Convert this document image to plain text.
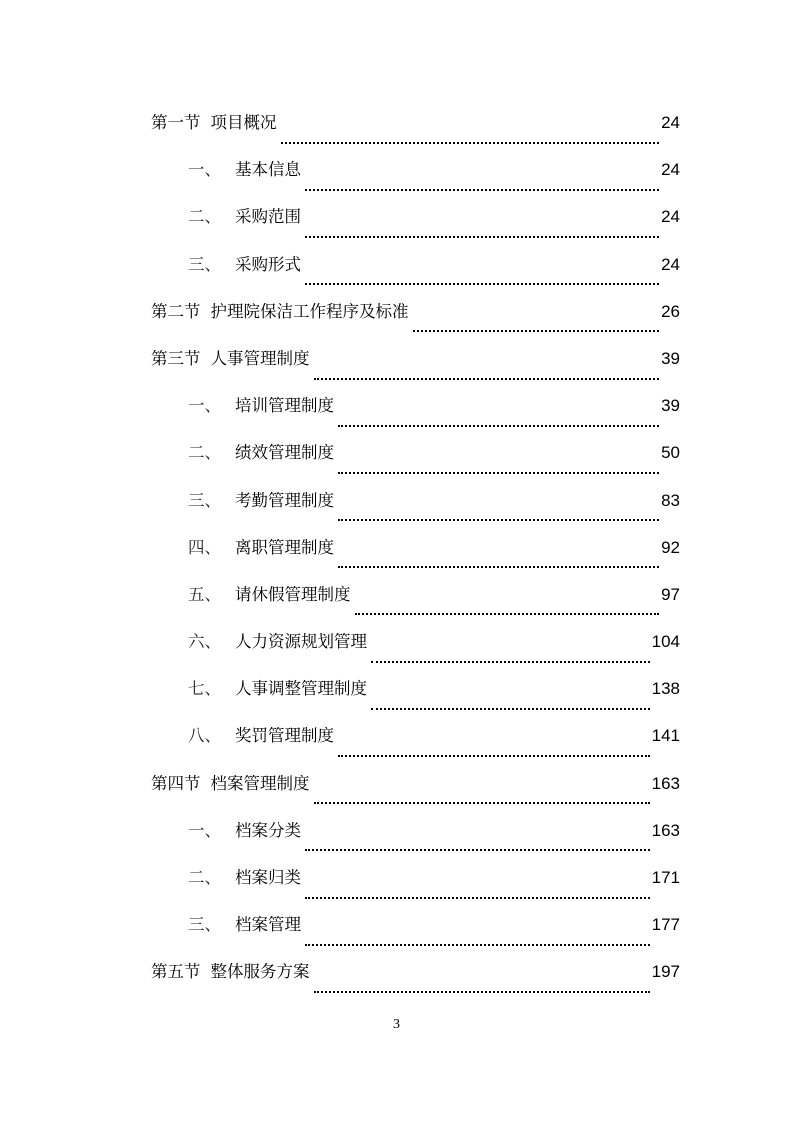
第一节 项目概况	24
一、 基本信息	24
二、 采购范围	24
三、 采购形式	24
第二节 护理院保洁工作程序及标准	26
第三节 人事管理制度	39
一、 培训管理制度	39
二、 绩效管理制度	50
三、 考勤管理制度	83
四、 离职管理制度	92
五、 请休假管理制度	97
六、 人力资源规划管理	104
七、 人事调整管理制度	138
八、 奖罚管理制度	141
第四节 档案管理制度	163
一、 档案分类	163
二、 档案归类	171
三、 档案管理	177
第五节 整体服务方案	197
3
